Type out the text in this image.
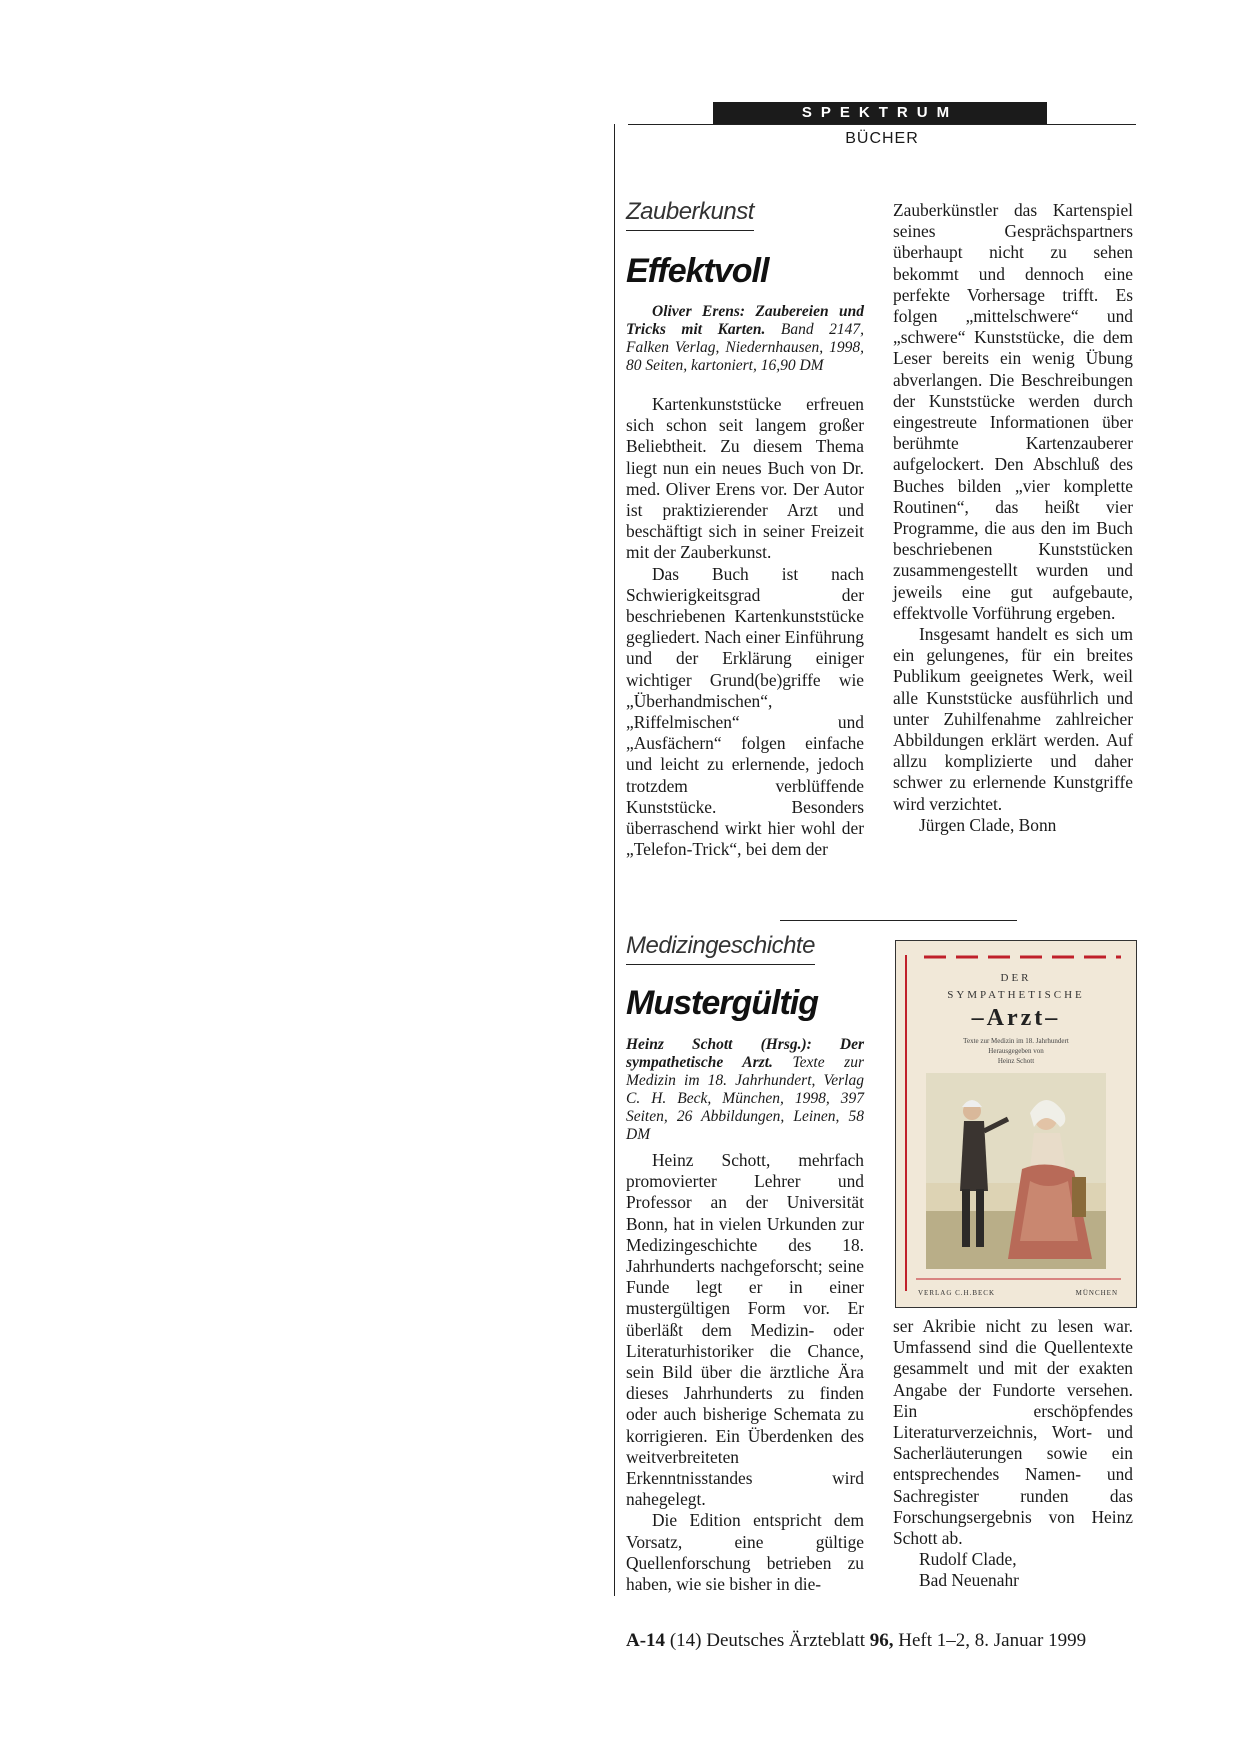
SPEKTRUM
BÜCHER
Zauberkunst
Effektvoll
Oliver Erens: Zaubereien und Tricks mit Karten. Band 2147, Falken Verlag, Niedernhausen, 1998, 80 Seiten, kartoniert, 16,90 DM

Kartenkunststücke erfreuen sich schon seit langem großer Beliebtheit. Zu diesem Thema liegt nun ein neues Buch von Dr. med. Oliver Erens vor. Der Autor ist praktizierender Arzt und beschäftigt sich in seiner Freizeit mit der Zauberkunst.

Das Buch ist nach Schwierigkeitsgrad der beschriebenen Kartenkunststücke gegliedert. Nach einer Einführung und der Erklärung einiger wichtiger Grund(be)griffe wie „Überhandmischen“, „Riffelmischen“ und „Ausfächern“ folgen einfache und leicht zu erlernende, jedoch trotzdem verblüffende Kunststücke. Besonders überraschend wirkt hier wohl der „Telefon-Trick“, bei dem der

Zauberkünstler das Kartenspiel seines Gesprächspartners überhaupt nicht zu sehen bekommt und dennoch eine perfekte Vorhersage trifft. Es folgen „mittelschwere“ und „schwere“ Kunststücke, die dem Leser bereits ein wenig Übung abverlangen. Die Beschreibungen der Kunststücke werden durch eingestreute Informationen über berühmte Kartenzauberer aufgelockert. Den Abschluß des Buches bilden „vier komplette Routinen“, das heißt vier Programme, die aus den im Buch beschriebenen Kunststücken zusammengestellt wurden und jeweils eine gut aufgebaute, effektvolle Vorführung ergeben.

Insgesamt handelt es sich um ein gelungenes, für ein breites Publikum geeignetes Werk, weil alle Kunststücke ausführlich und unter Zuhilfenahme zahlreicher Abbildungen erklärt werden. Auf allzu komplizierte und daher schwer zu erlernende Kunstgriffe wird verzichtet.

Jürgen Clade, Bonn

Medizingeschichte
Mustergültig
Heinz Schott (Hrsg.): Der sympathetische Arzt. Texte zur Medizin im 18. Jahrhundert, Verlag C. H. Beck, München, 1998, 397 Seiten, 26 Abbildungen, Leinen, 58 DM

Heinz Schott, mehrfach promovierter Lehrer und Professor an der Universität Bonn, hat in vielen Urkunden zur Medizingeschichte des 18. Jahrhunderts nachgeforscht; seine Funde legt er in einer mustergültigen Form vor. Er überläßt dem Medizin- oder Literaturhistoriker die Chance, sein Bild über die ärztliche Ära dieses Jahrhunderts zu finden oder auch bisherige Schemata zu korrigieren. Ein Überdenken des weitverbreiteten Erkenntnisstandes wird nahegelegt.

Die Edition entspricht dem Vorsatz, eine gültige Quellenforschung betrieben zu haben, wie sie bisher in die-

DER
SYMPATHETISCHE
–Arzt–
Texte zur Medizin im 18. Jahrhundert
Herausgegeben von
Heinz Schott
VERLAG C.H.BECK	MÜNCHEN

ser Akribie nicht zu lesen war. Umfassend sind die Quellentexte gesammelt und mit der exakten Angabe der Fundorte versehen. Ein erschöpfendes Literaturverzeichnis, Wort- und Sacherläuterungen sowie ein entsprechendes Namen- und Sachregister runden das Forschungsergebnis von Heinz Schott ab.

Rudolf Clade,

Bad Neuenahr

A-14 (14) Deutsches Ärzteblatt 96, Heft 1–2, 8. Januar 1999
